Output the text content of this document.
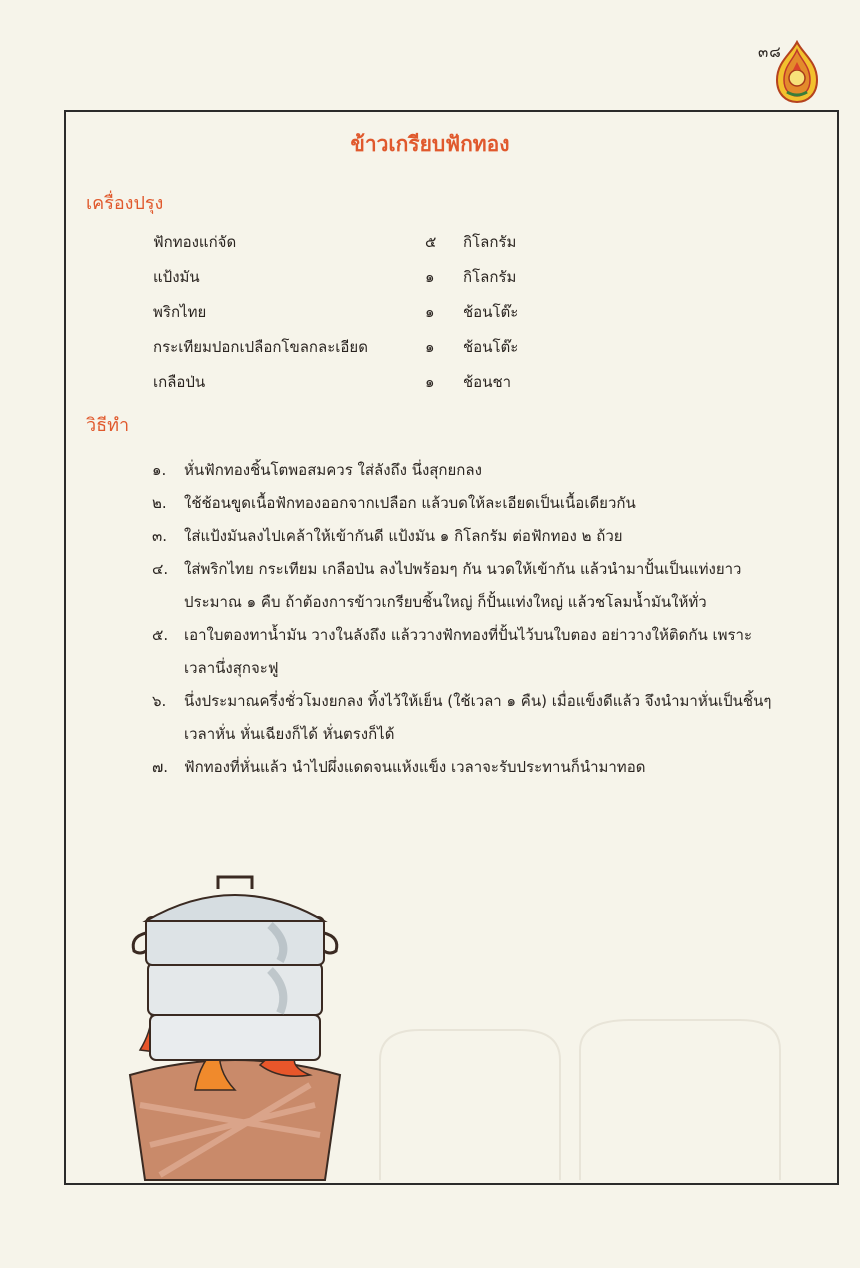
๓๘
ข้าวเกรียบฟักทอง
เครื่องปรุง
ฟักทองแก่จัด	๕ กิโลกรัม
แป้งมัน	๑ กิโลกรัม
พริกไทย	๑ ช้อนโต๊ะ
กระเทียมปอกเปลือกโขลกละเอียด	๑ ช้อนโต๊ะ
เกลือป่น	๑ ช้อนชา
วิธีทำ
๑.	หั่นฟักทองชิ้นโตพอสมควร ใส่ลังถึง นึ่งสุกยกลง
๒.	ใช้ช้อนขูดเนื้อฟักทองออกจากเปลือก แล้วบดให้ละเอียดเป็นเนื้อเดียวกัน
๓.	ใส่แป้งมันลงไปเคล้าให้เข้ากันดี แป้งมัน ๑ กิโลกรัม ต่อฟักทอง ๒ ถ้วย
๔.	ใส่พริกไทย กระเทียม เกลือป่น ลงไปพร้อมๆ กัน นวดให้เข้ากัน แล้วนำมาปั้นเป็นแท่งยาวประมาณ ๑ คืบ ถ้าต้องการข้าวเกรียบชิ้นใหญ่ ก็ปั้นแท่งใหญ่ แล้วชโลมน้ำมันให้ทั่ว
๕.	เอาใบตองทาน้ำมัน วางในลังถึง แล้ววางฟักทองที่ปั้นไว้บนใบตอง อย่าวางให้ติดกัน เพราะเวลานึ่งสุกจะฟู
๖.	นึ่งประมาณครึ่งชั่วโมงยกลง ทิ้งไว้ให้เย็น (ใช้เวลา ๑ คืน) เมื่อแข็งดีแล้ว จึงนำมาหั่นเป็นชิ้นๆ เวลาหั่น หั่นเฉียงก็ได้ หั่นตรงก็ได้
๗.	ฟักทองที่หั่นแล้ว นำไปผึ่งแดดจนแห้งแข็ง เวลาจะรับประทานก็นำมาทอด
